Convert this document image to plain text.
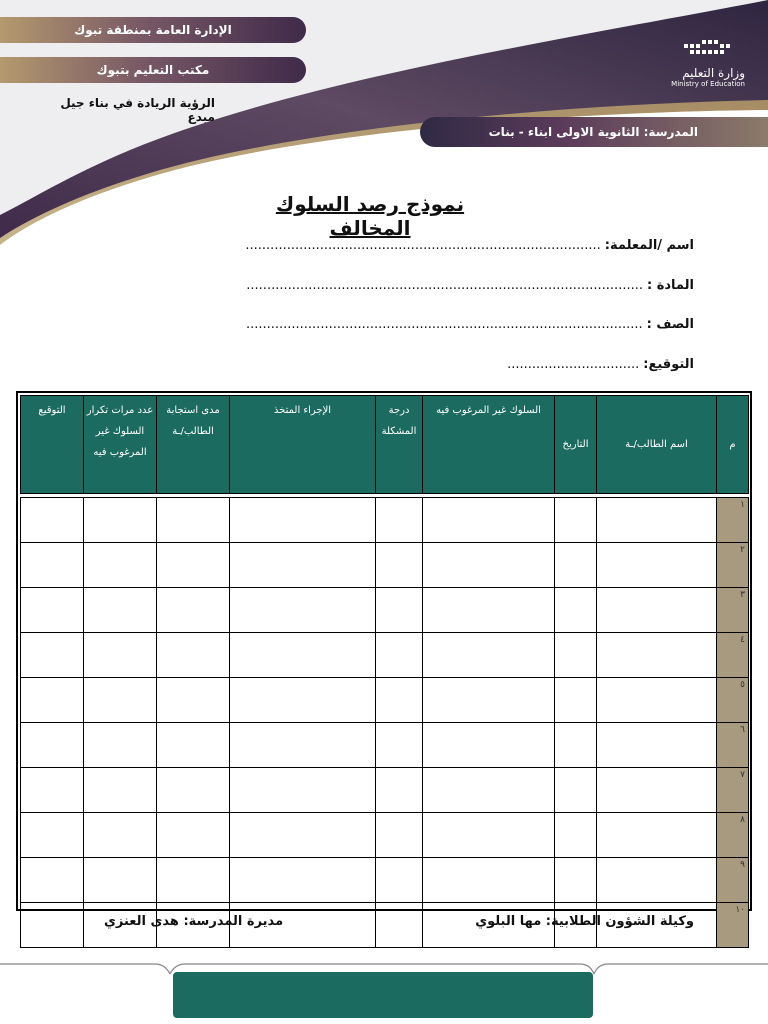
الإدارة العامة بمنطقة تبوك
مكتب التعليم بتبوك
الرؤية الريادة في بناء جيل مبدع
وزارة التعليم
Ministry of Education
المدرسة: الثانوية الاولى ابناء - بنات
نموذج رصد السلوك المخالف
اسم /المعلمة:......................................................................................
المادة :................................................................................................
الصف :................................................................................................
التوقيع:................................
م	اسم الطالب/ـة	التاريخ	السلوك غير المرغوب فيه	درجة المشكلة	الإجراء المتخذ	مدى استجابة الطالب/ـة	عدد مرات تكرار السلوك غير المرغوب فيه	التوقيع

١								
٢								
٣								
٤								
٥								
٦								
٧								
٨								
٩								
١٠								
وكيلة الشؤون الطلابية: مها البلوي
مديرة المدرسة: هدى العنزي
